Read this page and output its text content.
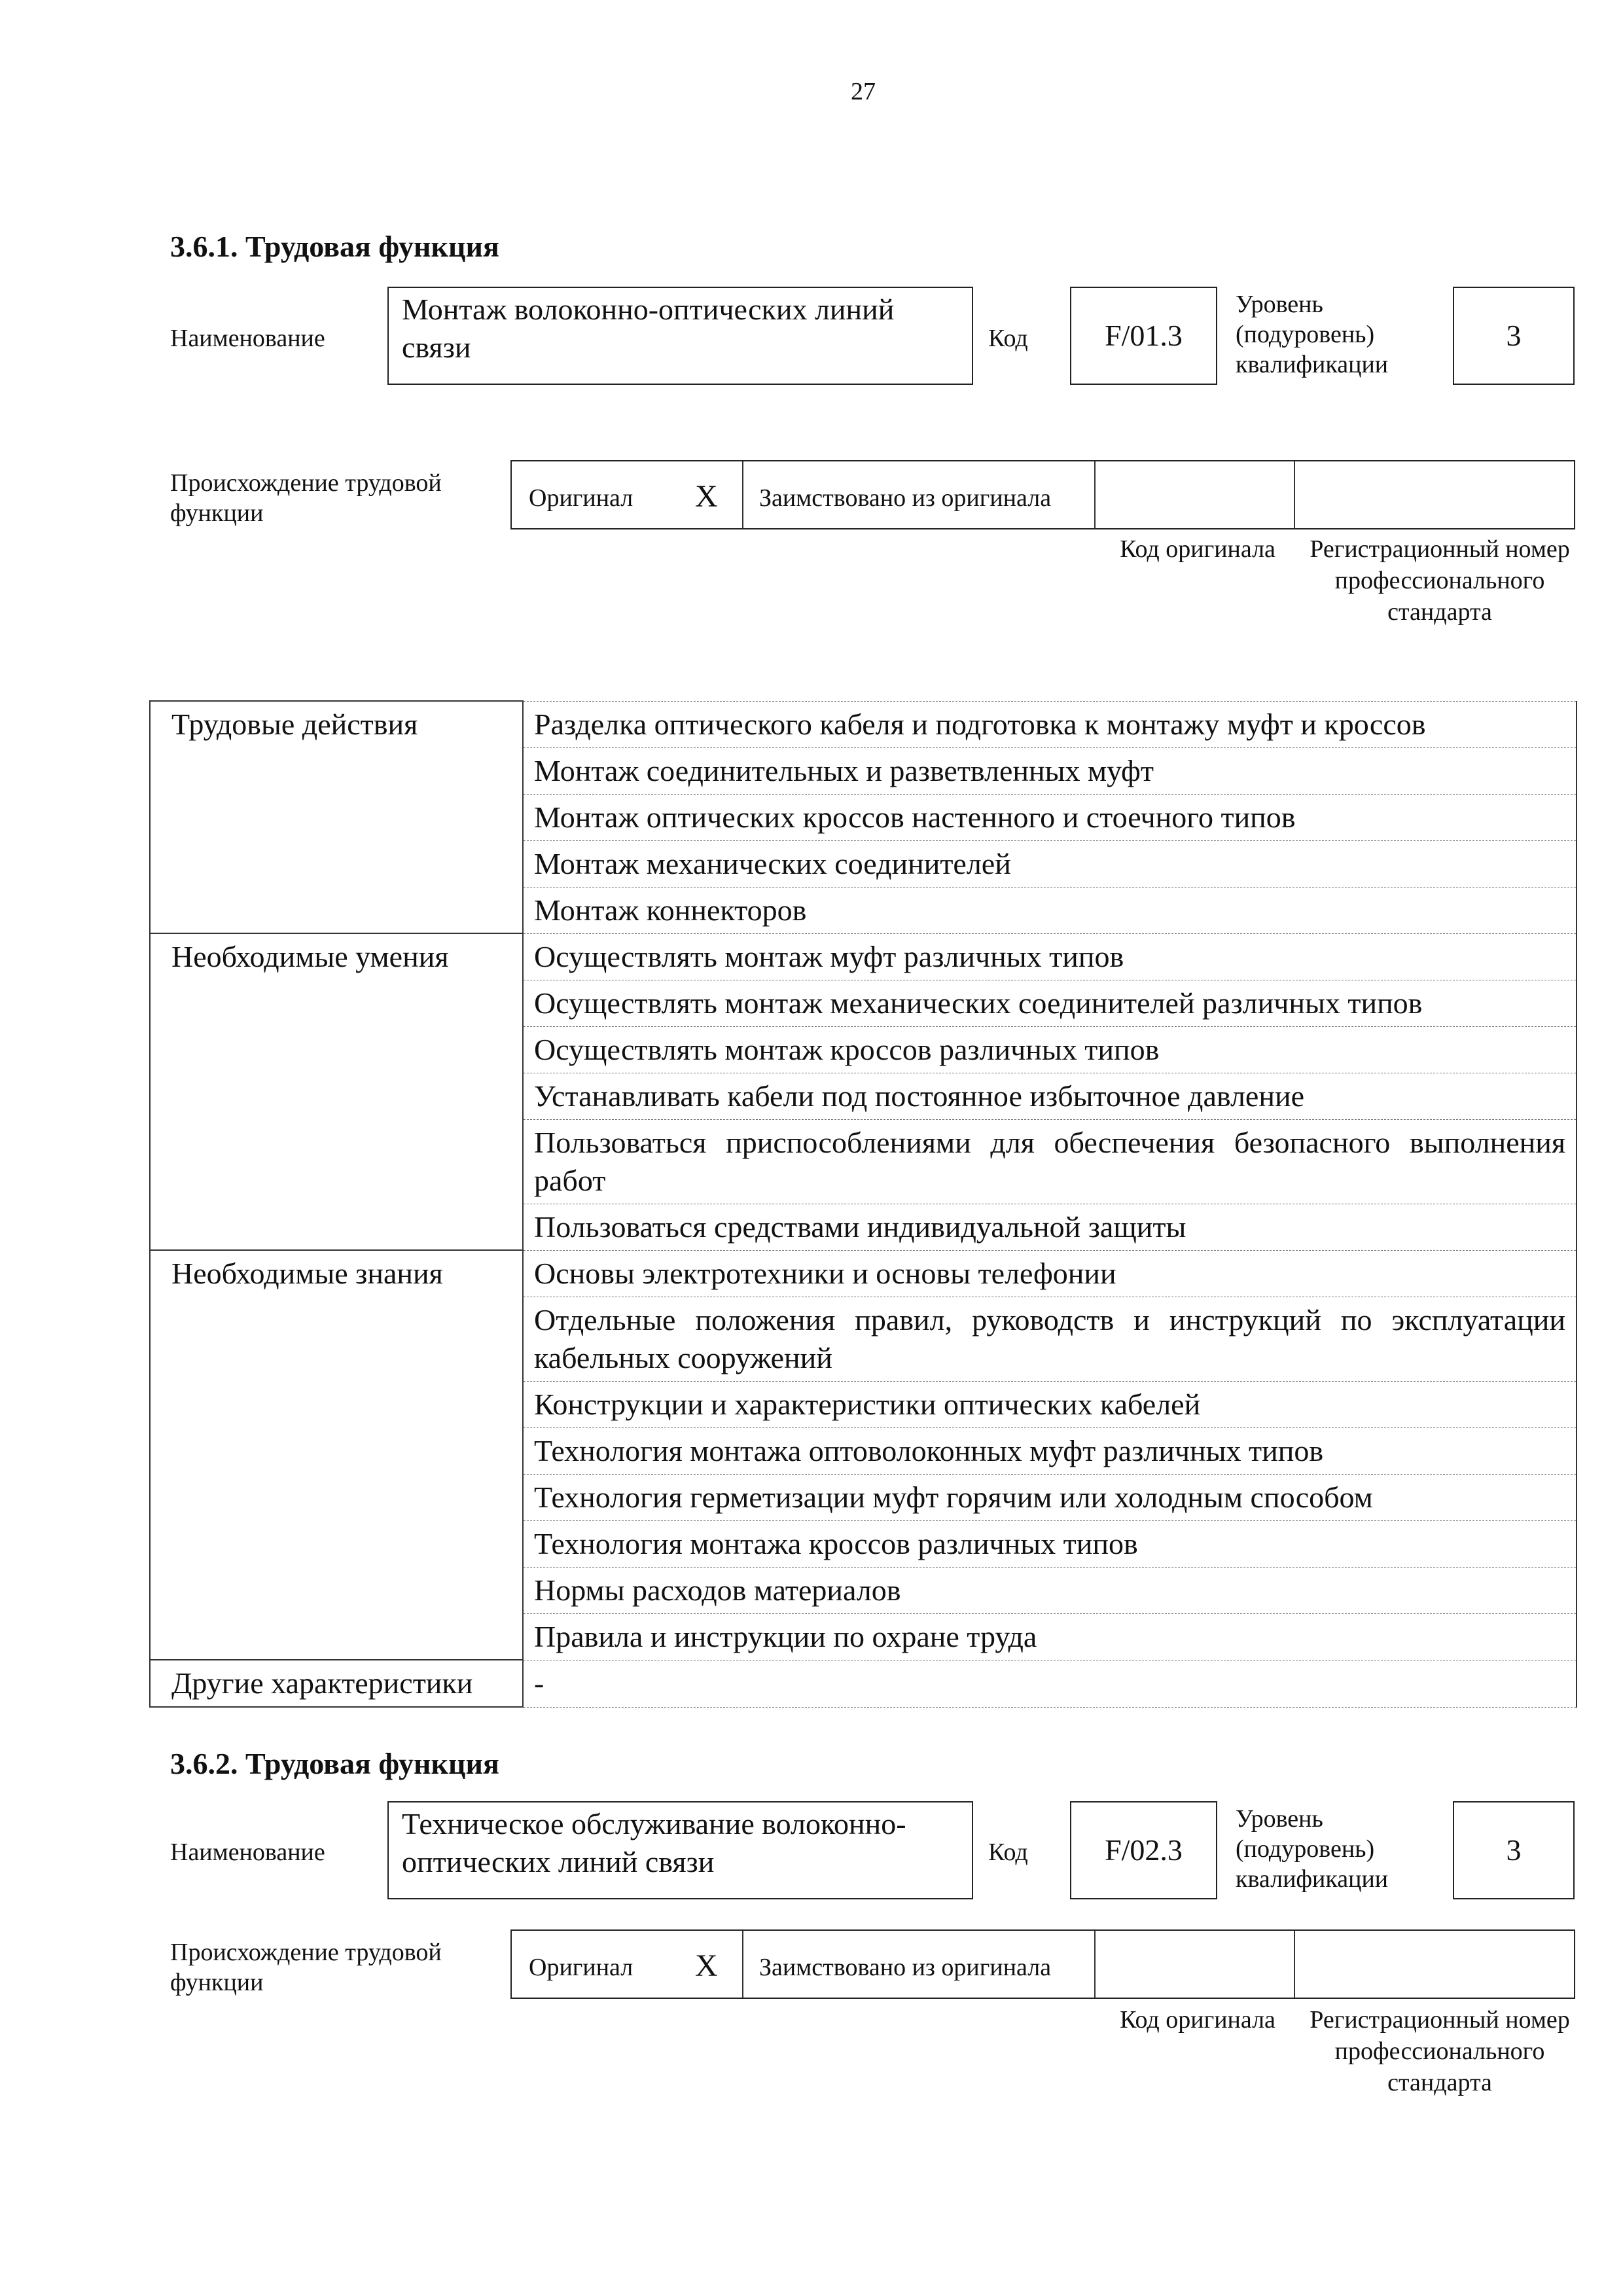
27
3.6.1. Трудовая функция
Наименование
Монтаж волоконно-оптических линий связи	Код	F/01.3
Уровень (подуровень) квалификации
3
Происхождение трудовой функции
Оригинал X Заимствовано из оригинала
Код оригинала	Регистрационный номер профессионального стандарта
Трудовые действия	Разделка оптического кабеля и подготовка к монтажу муфт и кроссов
	Монтаж соединительных и разветвленных муфт
	Монтаж оптических кроссов настенного и стоечного типов
	Монтаж механических соединителей
	Монтаж коннекторов
Необходимые умения	Осуществлять монтаж муфт различных типов
	Осуществлять монтаж механических соединителей различных типов
	Осуществлять монтаж кроссов различных типов
	Устанавливать кабели под постоянное избыточное давление
	Пользоваться приспособлениями для обеспечения безопасного выполнения работ
	Пользоваться средствами индивидуальной защиты
Необходимые знания	Основы электротехники и основы телефонии
	Отдельные положения правил, руководств и инструкций по эксплуатации кабельных сооружений
	Конструкции и характеристики оптических кабелей
	Технология монтажа оптоволоконных муфт различных типов
	Технология герметизации муфт горячим или холодным способом
	Технология монтажа кроссов различных типов
	Нормы расходов материалов
	Правила и инструкции по охране труда
Другие характеристики	-
3.6.2. Трудовая функция
Наименование
Техническое обслуживание волоконно-оптических линий связи	Код	F/02.3
Уровень (подуровень) квалификации
3
Происхождение трудовой функции
Оригинал X Заимствовано из оригинала
Код оригинала	Регистрационный номер профессионального стандарта
